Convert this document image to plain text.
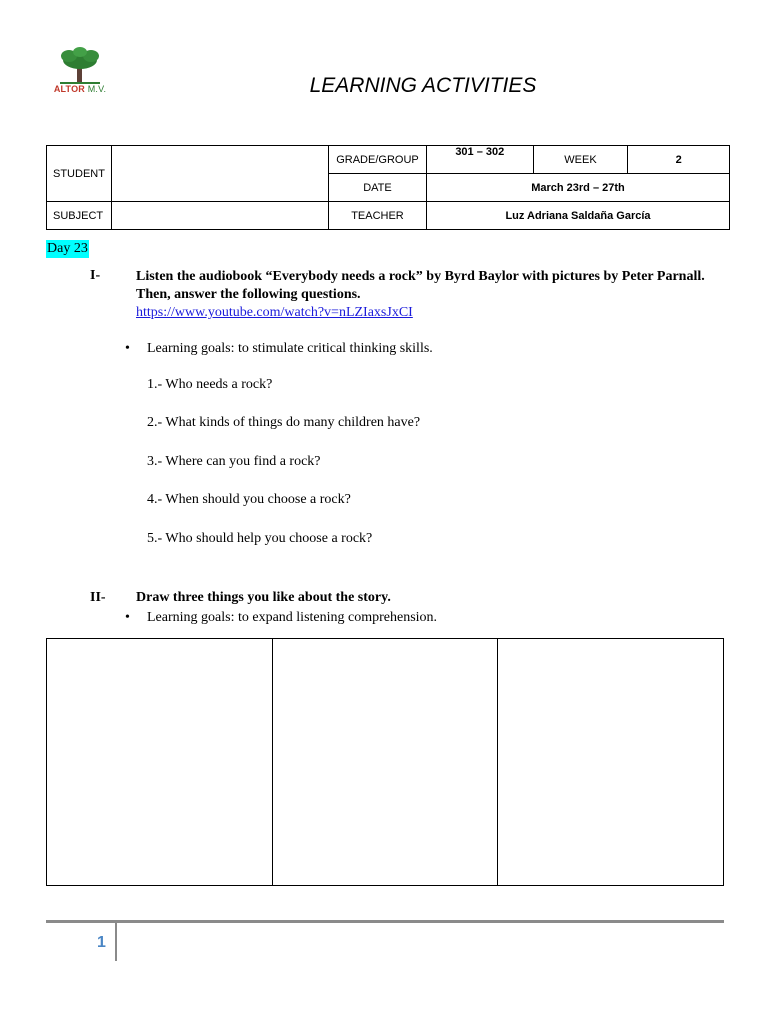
ALTOR M.V.	LEARNING ACTIVITIES
STUDENT		GRADE/GROUP	301 – 302	WEEK	2
		DATE	March 23rd – 27th		
SUBJECT		TEACHER	Luz Adriana Saldaña García		
Day 23
I-	Listen the audiobook “Everybody needs a rock” by Byrd Baylor with pictures by Peter Parnall. Then, answer the following questions.
https://www.youtube.com/watch?v=nLZIaxsJxCI
• Learning goals: to stimulate critical thinking skills.
1.- Who needs a rock?
2.- What kinds of things do many children have?
3.- Where can you find a rock?
4.- When should you choose a rock?
5.- Who should help you choose a rock?
II- Draw three things you like about the story.
• Learning goals: to expand listening comprehension.
1
